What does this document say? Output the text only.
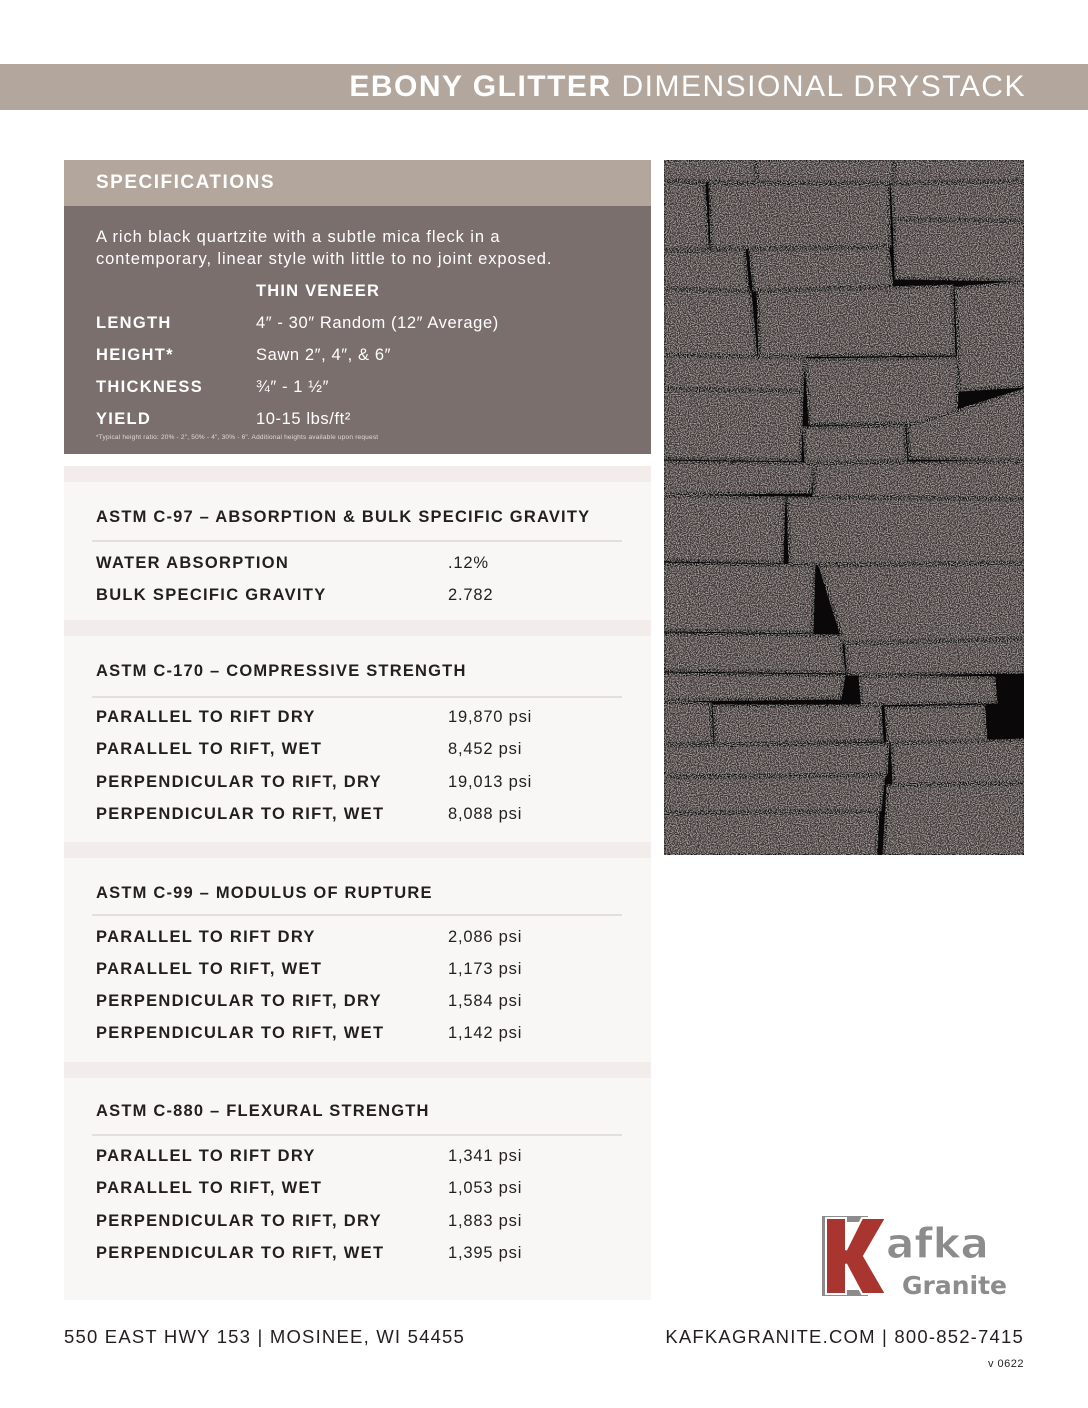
EBONY GLITTER DIMENSIONAL DRYSTACK
SPECIFICATIONS
A rich black quartzite with a subtle mica fleck in a
contemporary, linear style with little to no joint exposed.
THIN VENEER
LENGTH	4″ - 30″ Random (12″ Average)
HEIGHT*	Sawn 2″, 4″, & 6″
THICKNESS	¾″ - 1 ½″
YIELD	10-15 lbs/ft²
*Typical height ratio: 20% - 2", 50% - 4", 30% - 6". Additional heights available upon request
ASTM C-97 – ABSORPTION & BULK SPECIFIC GRAVITY
WATER ABSORPTION	.12%
BULK SPECIFIC GRAVITY	2.782
ASTM C-170 – COMPRESSIVE STRENGTH
PARALLEL TO RIFT DRY	19,870 psi
PARALLEL TO RIFT, WET	8,452 psi
PERPENDICULAR TO RIFT, DRY	19,013 psi
PERPENDICULAR TO RIFT, WET	8,088 psi
ASTM C-99 – MODULUS OF RUPTURE
PARALLEL TO RIFT DRY	2,086 psi
PARALLEL TO RIFT, WET	1,173 psi
PERPENDICULAR TO RIFT, DRY	1,584 psi
PERPENDICULAR TO RIFT, WET	1,142 psi
ASTM C-880 – FLEXURAL STRENGTH
PARALLEL TO RIFT DRY	1,341 psi
PARALLEL TO RIFT, WET	1,053 psi
PERPENDICULAR TO RIFT, DRY	1,883 psi
PERPENDICULAR TO RIFT, WET	1,395 psi	afka
Granite
550 EAST HWY 153 | MOSINEE, WI 54455	KAFKAGRANITE.COM | 800-852-7415
v 0622
